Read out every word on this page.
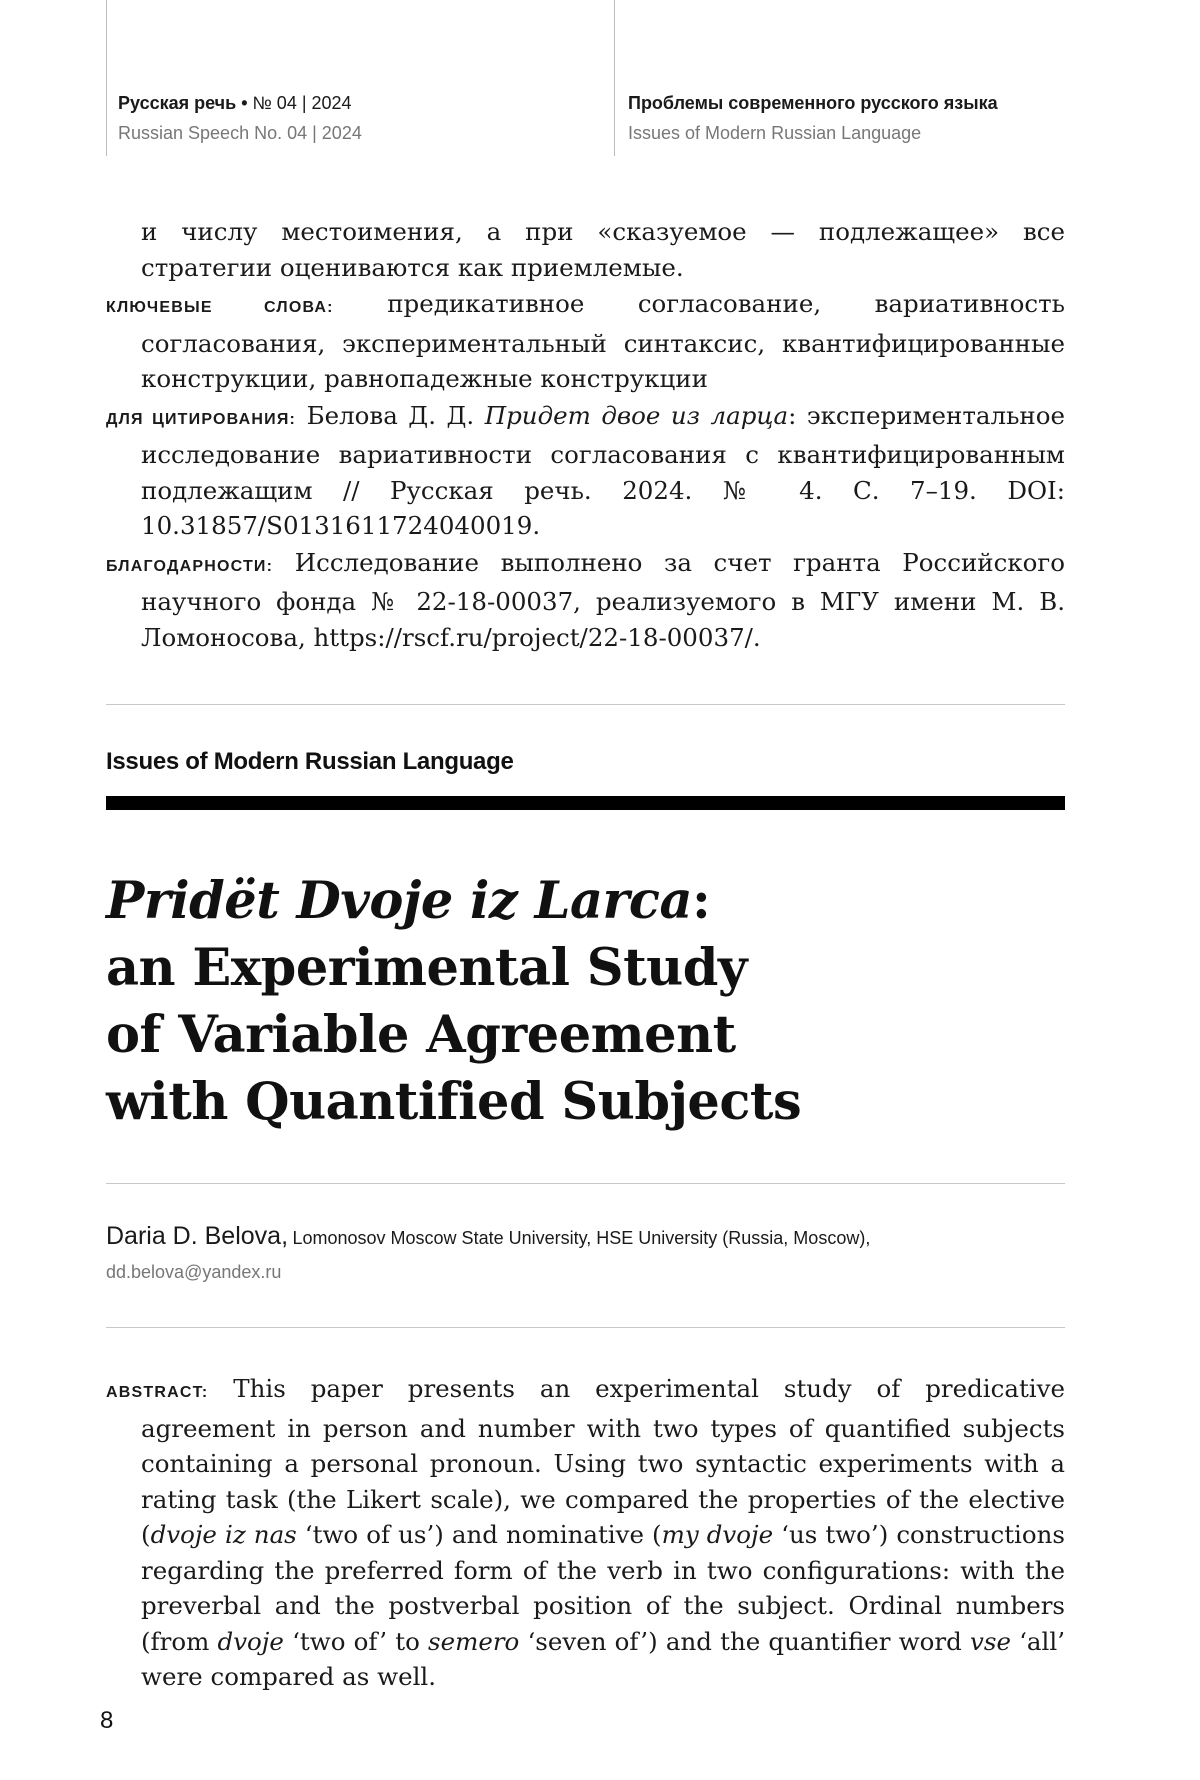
Русская речь • № 04 | 2024
Russian Speech No. 04 | 2024
Проблемы современного русского языка
Issues of Modern Russian Language

и числу местоимения, а при «сказуемое — подлежащее» все стратегии оцениваются как приемлемые.

КЛЮЧЕВЫЕ СЛОВА: предикативное согласование, вариативность согласования, экспериментальный синтаксис, квантифицированные конструкции, равнопадежные конструкции

ДЛЯ ЦИТИРОВАНИЯ: Белова Д. Д. Придет двое из ларца: экспериментальное исследование вариативности согласования с квантифицированным подлежащим // Русская речь. 2024. № 4. С. 7–19. DOI: 10.31857/S0131611724040019.

БЛАГОДАРНОСТИ: Исследование выполнено за счет гранта Российского научного фонда № 22-18-00037, реализуемого в МГУ имени М. В. Ломоносова, https://rscf.ru/project/22-18-00037/.

Issues of Modern Russian Language
Pridёt Dvoje iz Larca:
an Experimental Study
of Variable Agreement
with Quantified Subjects
Daria D. Belova, Lomonosov Moscow State University, HSE University (Russia, Moscow),
dd.belova@yandex.ru

ABSTRACT: This paper presents an experimental study of predicative agreement in person and number with two types of quantified subjects containing a personal pronoun. Using two syntactic experiments with a rating task (the Likert scale), we compared the properties of the elective (dvoje iz nas ‘two of us’) and nominative (my dvoje ‘us two’) constructions regarding the preferred form of the verb in two configurations: with the preverbal and the postverbal position of the subject. Ordinal numbers (from dvoje ‘two of’ to semero ‘seven of’) and the quantifier word vse ‘all’ were compared as well.

8
